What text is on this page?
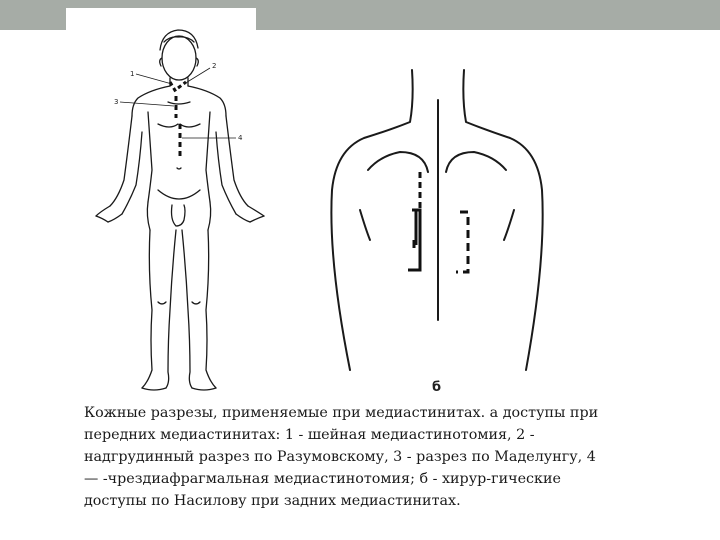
1
2
3
4
б
Кожные разрезы, применяемые при медиастинитах. а доступы при
передних медиастинитах: 1 - шейная медиастинотомия, 2 -
надгрудинный разрез по Разумовскому, 3 - разрез по Маделунгу, 4
— -чрездиафрагмальная медиастинотомия; б - хирур-гические
доступы по Насилову при задних медиастинитах.
